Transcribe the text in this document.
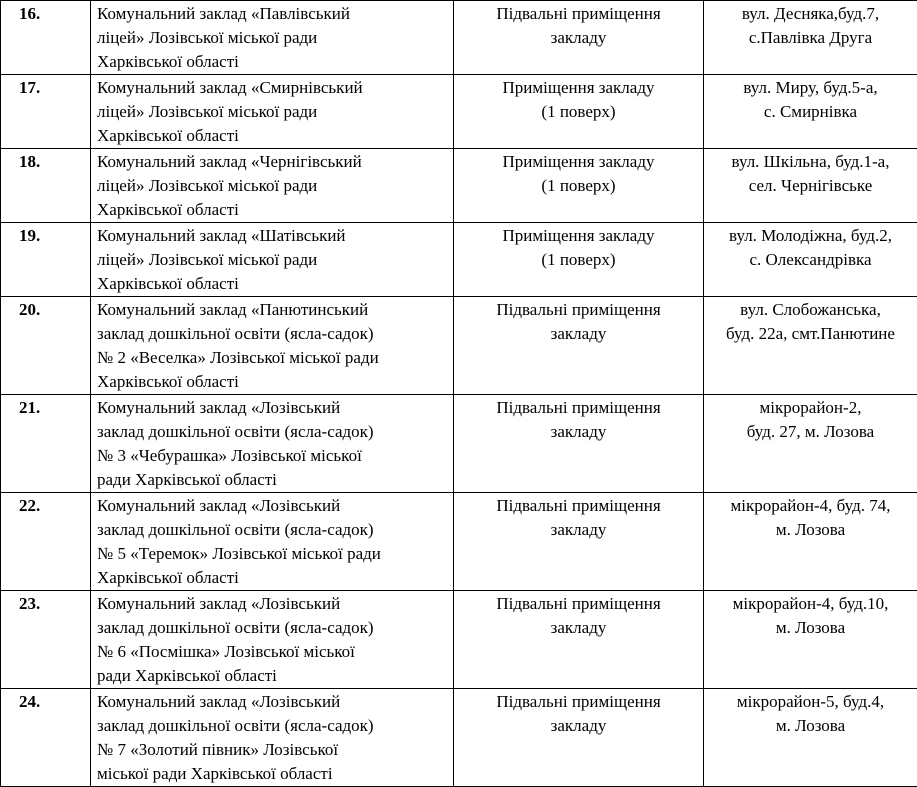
16.	Комунальний заклад «Павлівський
ліцей» Лозівської міської ради
Харківської області	Підвальні приміщення
закладу	вул. Десняка,буд.7,
с.Павлівка Друга

17.	Комунальний заклад «Смирнівський
ліцей» Лозівської міської ради
Харківської області	Приміщення закладу
(1 поверх)	вул. Миру, буд.5-а,
с. Смирнівка

18.	Комунальний заклад «Чернігівський
ліцей» Лозівської міської ради
Харківської області	Приміщення закладу
(1 поверх)	вул. Шкільна, буд.1-а,
сел. Чернігівське

19.	Комунальний заклад «Шатівський
ліцей» Лозівської міської ради
Харківської області	Приміщення закладу
(1 поверх)	вул. Молодіжна, буд.2,
с. Олександрівка

20.	Комунальний заклад «Панютинський
заклад дошкільної освіти (ясла-садок)
№ 2 «Веселка» Лозівської міської ради
Харківської області	Підвальні приміщення
закладу	вул. Слобожанська,
буд. 22а, смт.Панютине

21.	Комунальний заклад «Лозівський
заклад дошкільної освіти (ясла-садок)
№ 3 «Чебурашка» Лозівської міської
ради Харківської області	Підвальні приміщення
закладу	мікрорайон-2,
буд. 27, м. Лозова

22.	Комунальний заклад «Лозівський
заклад дошкільної освіти (ясла-садок)
№ 5 «Теремок» Лозівської міської ради
Харківської області	Підвальні приміщення
закладу	мікрорайон-4, буд. 74,
м. Лозова

23.	Комунальний заклад «Лозівський
заклад дошкільної освіти (ясла-садок)
№ 6 «Посмішка» Лозівської міської
ради Харківської області	Підвальні приміщення
закладу	мікрорайон-4, буд.10,
м. Лозова

24.	Комунальний заклад «Лозівський
заклад дошкільної освіти (ясла-садок)
№ 7 «Золотий півник» Лозівської
міської ради Харківської області	Підвальні приміщення
закладу	мікрорайон-5, буд.4,
м. Лозова
